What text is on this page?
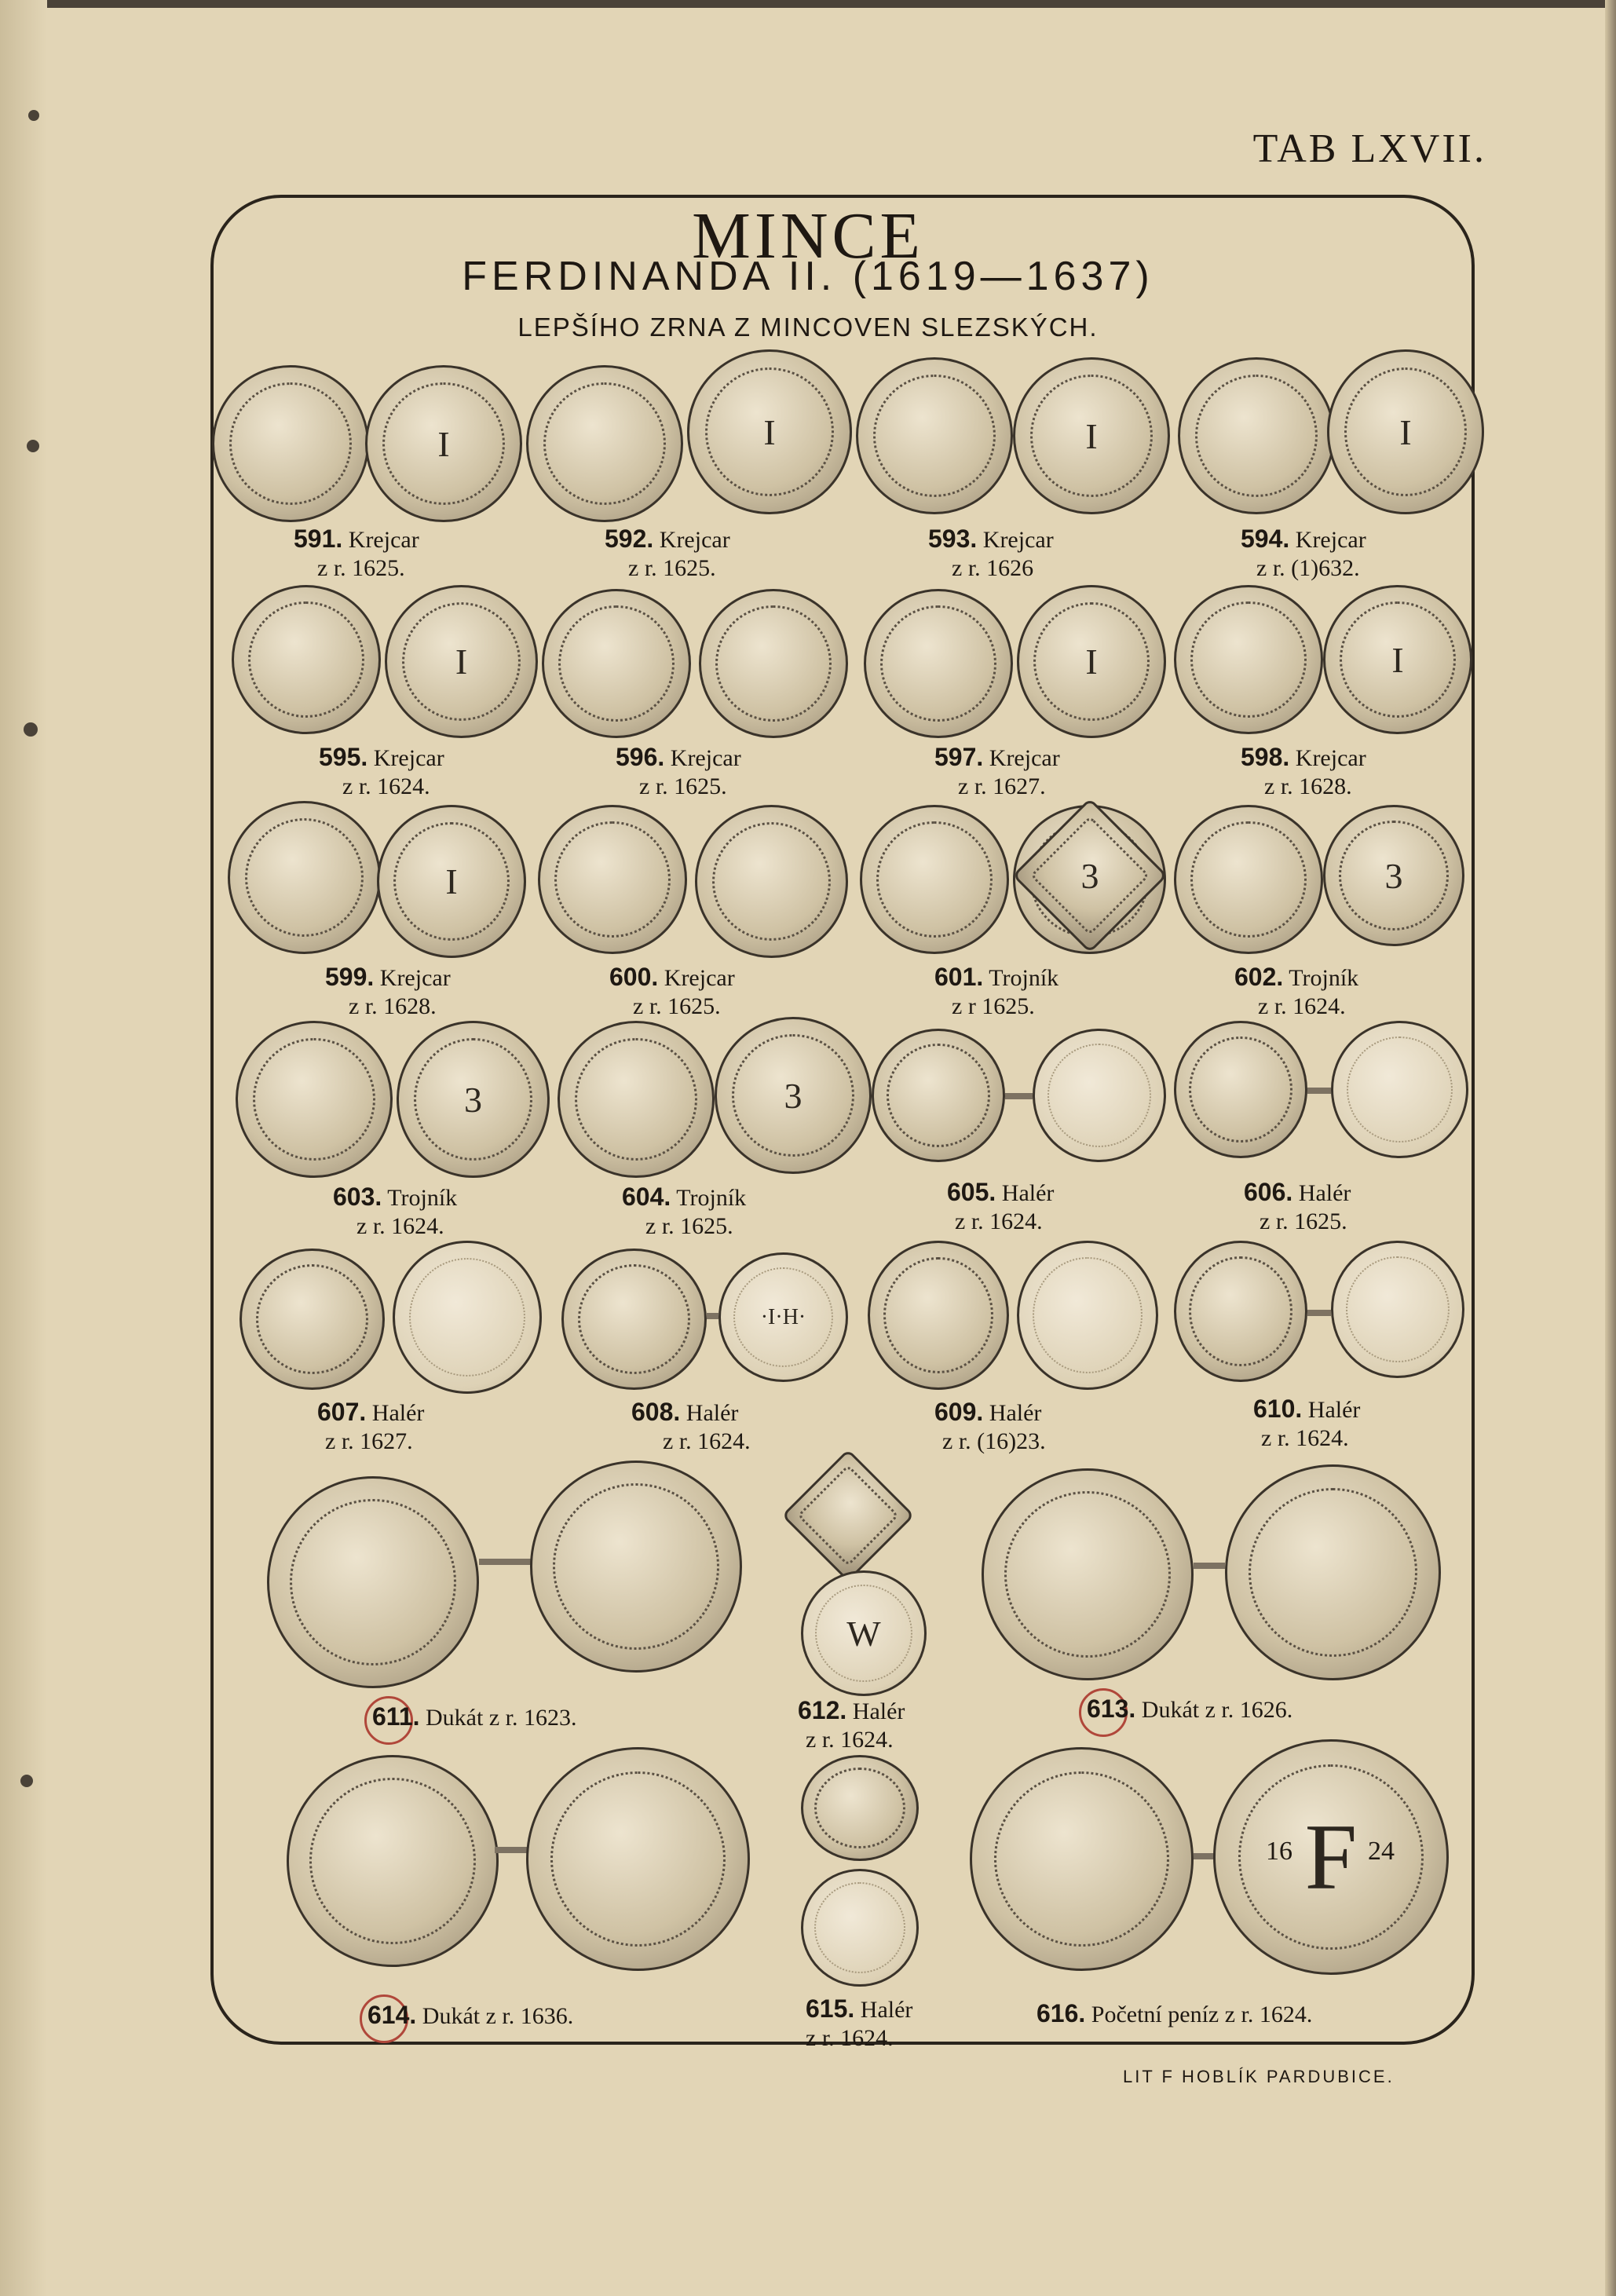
TAB LXVII.
MINCE
FERDINANDA II. (1619—1637)
LEPŠÍHO ZRNA Z MINCOVEN SLEZSKÝCH.
I	I	I	I
591. Krejcar
z r. 1625.
592. Krejcar
z r. 1625.
593. Krejcar
z r. 1626
594. Krejcar
z r. (1)632.
I	I	I
595. Krejcar
z r. 1624.
596. Krejcar
z r. 1625.
597. Krejcar
z r. 1627.
598. Krejcar
z r. 1628.
I	3	3
599. Krejcar
z r. 1628.
600. Krejcar
z r. 1625.
601. Trojník
z r 1625.
602. Trojník
z r. 1624.
3	3
603. Trojník
z r. 1624.
604. Trojník
z r. 1625.
605. Halér
z r. 1624.
606. Halér
z r. 1625.
·I·H·
607. Halér
z r. 1627.
608. Halér
z r. 1624.
609. Halér
z r. (16)23.
610. Halér
z r. 1624.
W
611. Dukát z r. 1623.	612. Halér
z r. 1624.
613. Dukát z r. 1626.
F
16	24
614. Dukát z r. 1636.	615. Halér
z r. 1624.
616. Početní peníz z r. 1624.
LIT F HOBLÍK PARDUBICE.
